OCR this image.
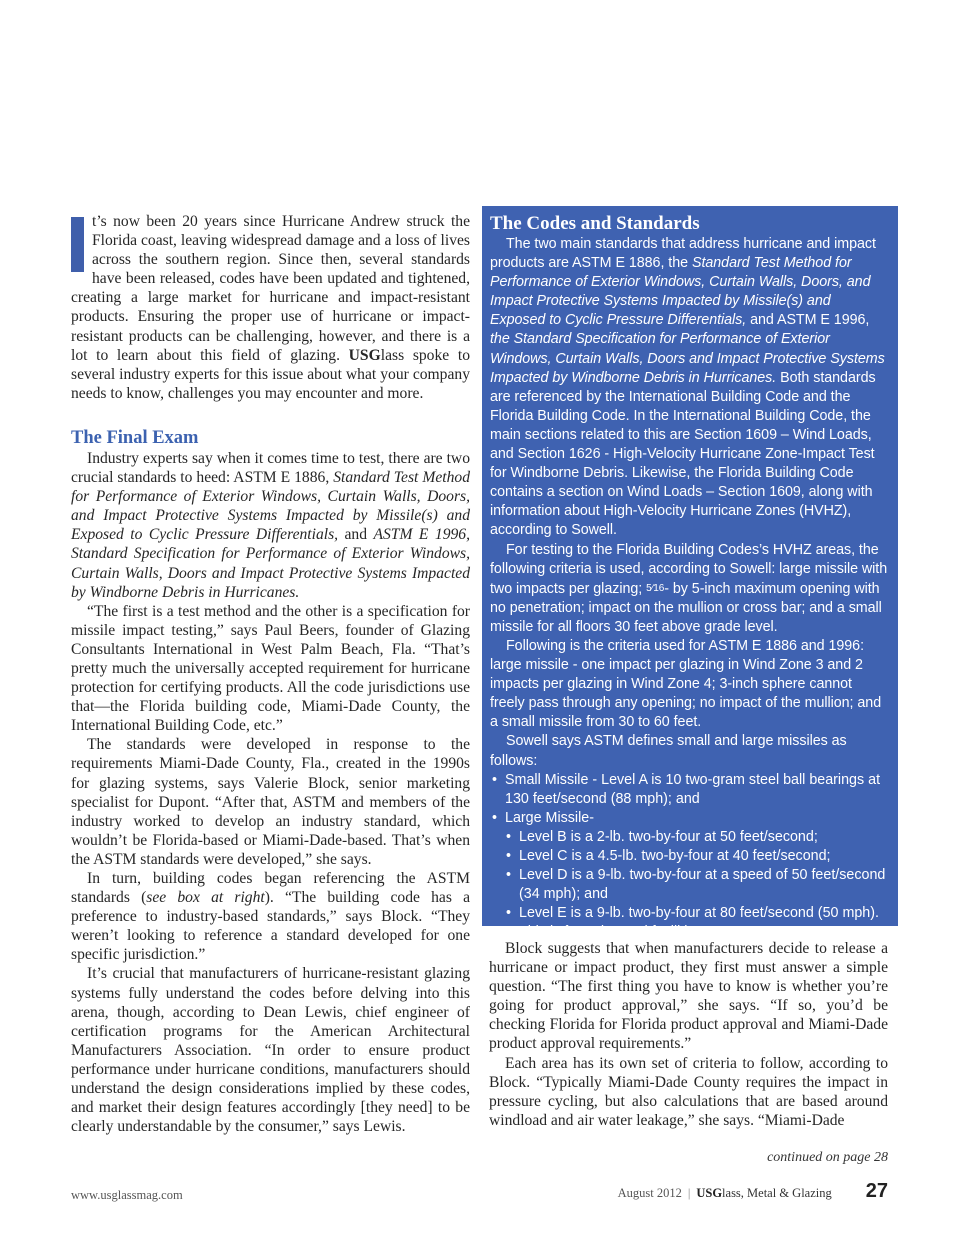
t’s now been 20 years since Hurricane Andrew struck the Florida coast, leaving widespread damage and a loss of lives across the southern region. Since then, several standards have been released, codes have been updated and tightened, creating a large market for hurricane and impact-resistant products. Ensuring the proper use of hurricane or impact-resistant products can be challenging, however, and there is a lot to learn about this field of glazing. USGlass spoke to several industry experts for this issue about what your company needs to know, challenges you may encounter and more.

The Final Exam

Industry experts say when it comes time to test, there are two crucial standards to heed: ASTM E 1886, Standard Test Method for Performance of Exterior Windows, Curtain Walls, Doors, and Impact Protective Systems Impacted by Missile(s) and Exposed to Cyclic Pressure Differentials, and ASTM E 1996, Standard Specification for Performance of Exterior Windows, Curtain Walls, Doors and Impact Protective Systems Impacted by Windborne Debris in Hurricanes.

“The first is a test method and the other is a specification for missile impact testing,” says Paul Beers, founder of Glazing Consultants International in West Palm Beach, Fla. “That’s pretty much the universally accepted requirement for hurricane protection for certifying products. All the code jurisdictions use that—the Florida building code, Miami-Dade County, the International Building Code, etc.”

The standards were developed in response to the requirements Miami-Dade County, Fla., created in the 1990s for glazing systems, says Valerie Block, senior marketing specialist for Dupont. “After that, ASTM and members of the industry worked to develop an industry standard, which wouldn’t be Florida-based or Miami-Dade-based. That’s when the ASTM standards were developed,” she says.

In turn, building codes began referencing the ASTM standards (see box at right). “The building code has a preference to industry-based standards,” says Block. “They weren’t looking to reference a standard developed for one specific jurisdiction.”

It’s crucial that manufacturers of hurricane-resistant glazing systems fully understand the codes before delving into this arena, though, according to Dean Lewis, chief engineer of certification programs for the American Architectural Manufacturers Association. “In order to ensure product performance under hurricane conditions, manufacturers should understand the design considerations implied by these codes, and market their design features accordingly [they need] to be clearly understandable by the consumer,” says Lewis.

The Codes and Standards

The two main standards that address hurricane and impact products are ASTM E 1886, the Standard Test Method for Performance of Exterior Windows, Curtain Walls, Doors, and Impact Protective Systems Impacted by Missile(s) and Exposed to Cyclic Pressure Differentials, and ASTM E 1996, the Standard Specification for Performance of Exterior Windows, Curtain Walls, Doors and Impact Protective Systems Impacted by Windborne Debris in Hurricanes. Both standards are referenced by the International Building Code and the Florida Building Code. In the International Building Code, the main sections related to this are Section 1609 – Wind Loads, and Section 1626 - High-Velocity Hurricane Zone-Impact Test for Windborne Debris. Likewise, the Florida Building Code contains a section on Wind Loads – Section 1609, along with information about High-Velocity Hurricane Zones (HVHZ), according to Sowell.

For testing to the Florida Building Codes’s HVHZ areas, the following criteria is used, according to Sowell: large missile with two impacts per glazing; 5⁄16- by 5-inch maximum opening with no penetration; impact on the mullion or cross bar; and a small missile for all floors 30 feet above grade level.

Following is the criteria used for ASTM E 1886 and 1996: large missile - one impact per glazing in Wind Zone 3 and 2 impacts per glazing in Wind Zone 4; 3-inch sphere cannot freely pass through any opening; no impact of the mullion; and a small missile from 30 to 60 feet.

Sowell says ASTM defines small and large missiles as follows:

• Small Missile - Level A is 10 two-gram steel ball bearings at 130 feet/second (88 mph); and
• Large Missile-
• Level B is a 2-lb. two-by-four at 50 feet/second;
• Level C is a 4.5-lb. two-by-four at 40 feet/second;
• Level D is a 9-lb. two-by-four at a speed of 50 feet/second (34 mph); and
• Level E is a 9-lb. two-by-four at 80 feet/second (50 mph).
This is for enhanced facilities.

Block suggests that when manufacturers decide to release a hurricane or impact product, they first must answer a simple question. “The first thing you have to know is whether you’re going for product approval,” she says. “If so, you’d be checking Florida for Florida product approval and Miami-Dade product approval requirements.”

Each area has its own set of criteria to follow, according to Block. “Typically Miami-Dade County requires the impact in pressure cycling, but also calculations that are based around windload and air water leakage,” she says. “Miami-Dade

continued on page 28
www.usglassmag.com	August 2012 | USGlass, Metal & Glazing 27
